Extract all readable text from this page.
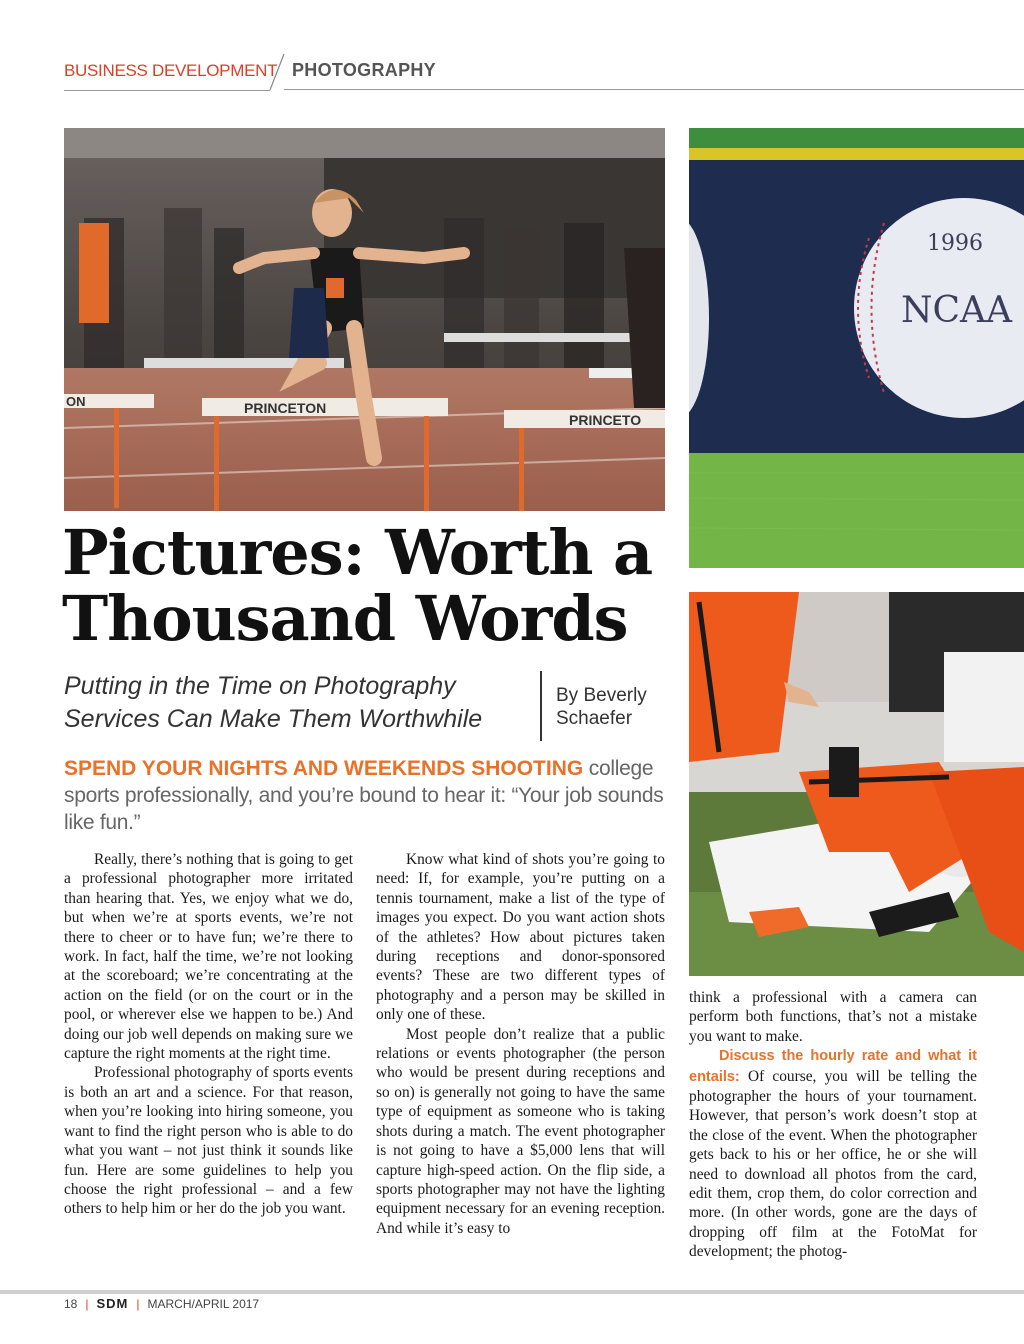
BUSINESS DEVELOPMENT PHOTOGRAPHY
PRINCETON
ON
PRINCETO
1996
NCAA
Pictures: Worth a
Thousand Words
Putting in the Time on Photography
Services Can Make Them Worthwhile
By Beverly
Schaefer
SPEND YOUR NIGHTS AND WEEKENDS SHOOTING college sports professionally, and you’re bound to hear it: “Your job sounds like fun.”

Really, there’s nothing that is going to get a professional photographer more irritated than hearing that. Yes, we enjoy what we do, but when we’re at sports events, we’re not there to cheer or to have fun; we’re there to work. In fact, half the time, we’re not looking at the scoreboard; we’re concentrating at the action on the field (or on the court or in the pool, or wherever else we happen to be.) And doing our job well depends on making sure we capture the right moments at the right time.

Professional photography of sports events is both an art and a science. For that reason, when you’re looking into hiring someone, you want to find the right person who is able to do what you want – not just think it sounds like fun. Here are some guidelines to help you choose the right professional – and a few others to help him or her do the job you want.

Know what kind of shots you’re going to need: If, for example, you’re putting on a tennis tournament, make a list of the type of images you expect. Do you want action shots of the athletes? How about pictures taken during receptions and donor-sponsored events? These are two different types of photography and a person may be skilled in only one of these.

Most people don’t realize that a public relations or events photographer (the person who would be present during receptions and so on) is generally not going to have the same type of equipment as someone who is taking shots during a match. The event photographer is not going to have a $5,000 lens that will capture high-speed action. On the flip side, a sports photographer may not have the lighting equipment necessary for an evening reception. And while it’s easy to

think a professional with a camera can perform both functions, that’s not a mistake you want to make.

Discuss the hourly rate and what it entails: Of course, you will be telling the photographer the hours of your tournament. However, that person’s work doesn’t stop at the close of the event. When the photographer gets back to his or her office, he or she will need to download all photos from the card, edit them, crop them, do color correction and more. (In other words, gone are the days of dropping off film at the FotoMat for development; the photog-

18 | SDM | MARCH/APRIL 2017
